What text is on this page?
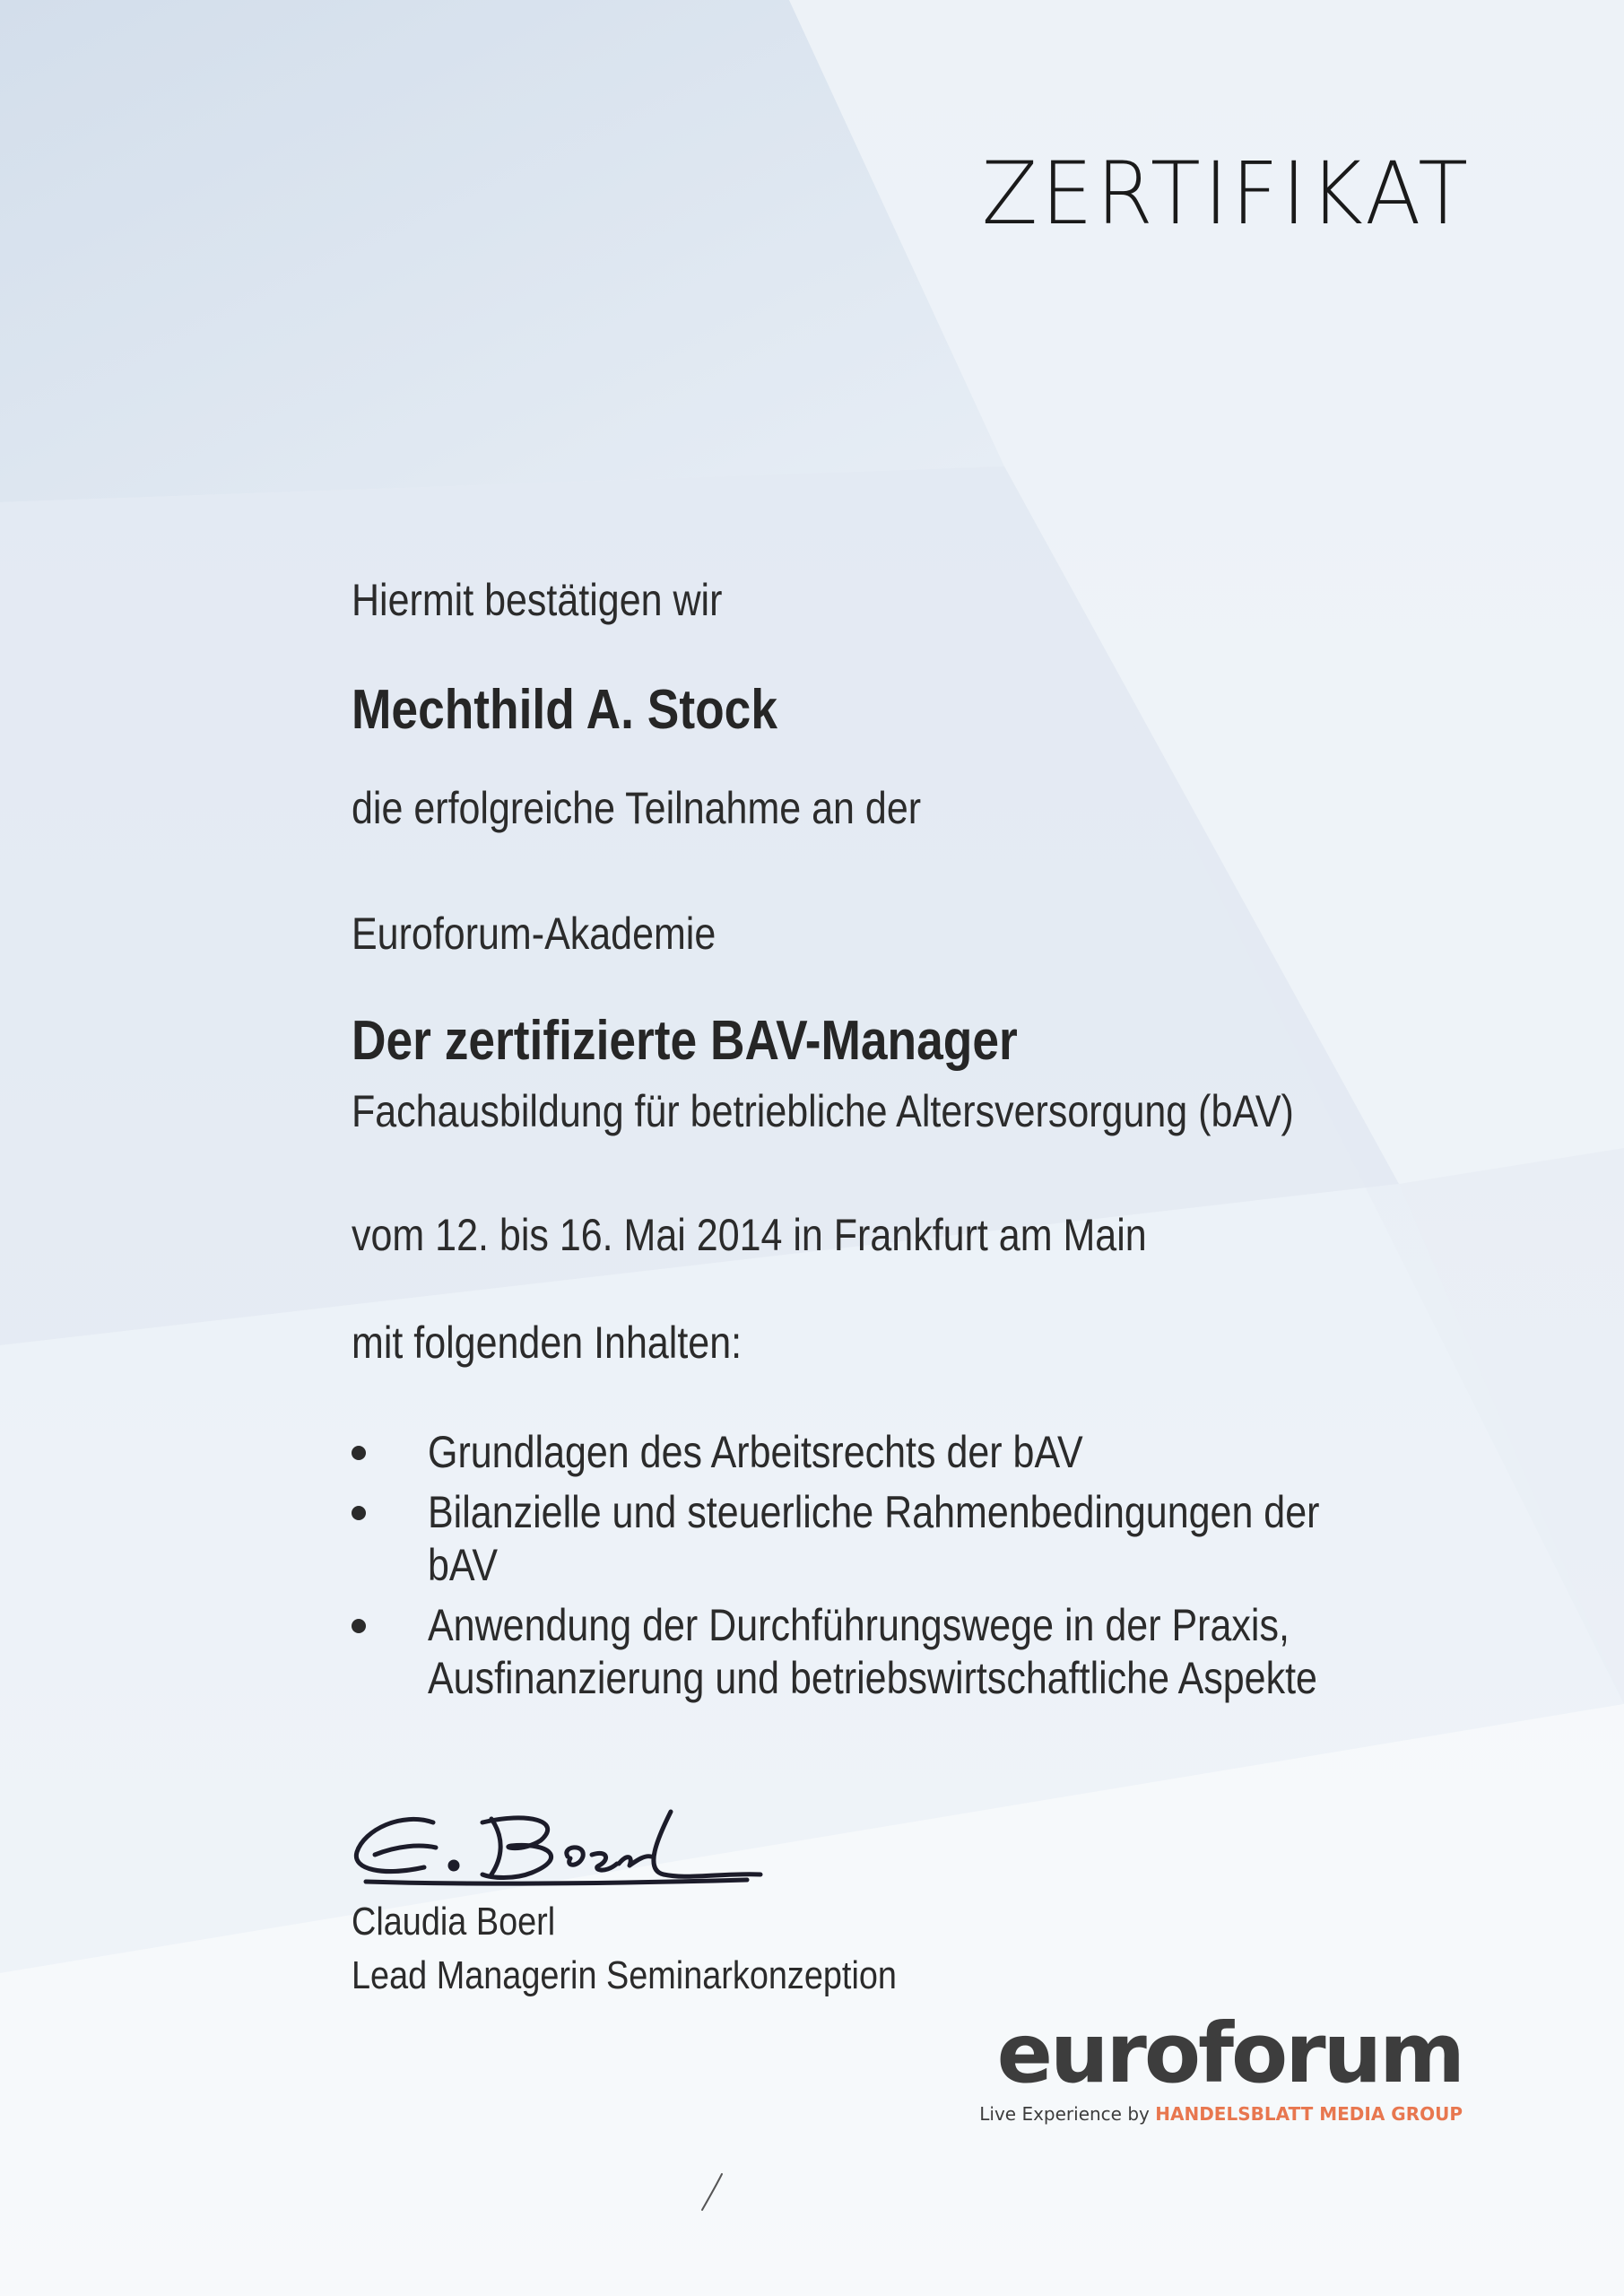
ZERTIFIKAT
Hiermit bestätigen wir
Mechthild A. Stock
die erfolgreiche Teilnahme an der
Euroforum-Akademie
Der zertifizierte BAV-Manager
Fachausbildung für betriebliche Altersversorgung (bAV)
vom 12. bis 16. Mai 2014 in Frankfurt am Main
mit folgenden Inhalten:
Grundlagen des Arbeitsrechts der bAV
Bilanzielle und steuerliche Rahmenbedingungen der bAV
Anwendung der Durchführungswege in der Praxis,
Ausfinanzierung und betriebswirtschaftliche Aspekte
Claudia Boerl
Lead Managerin Seminarkonzeption
euroforum
Live Experience by HANDELSBLATT MEDIA GROUP
